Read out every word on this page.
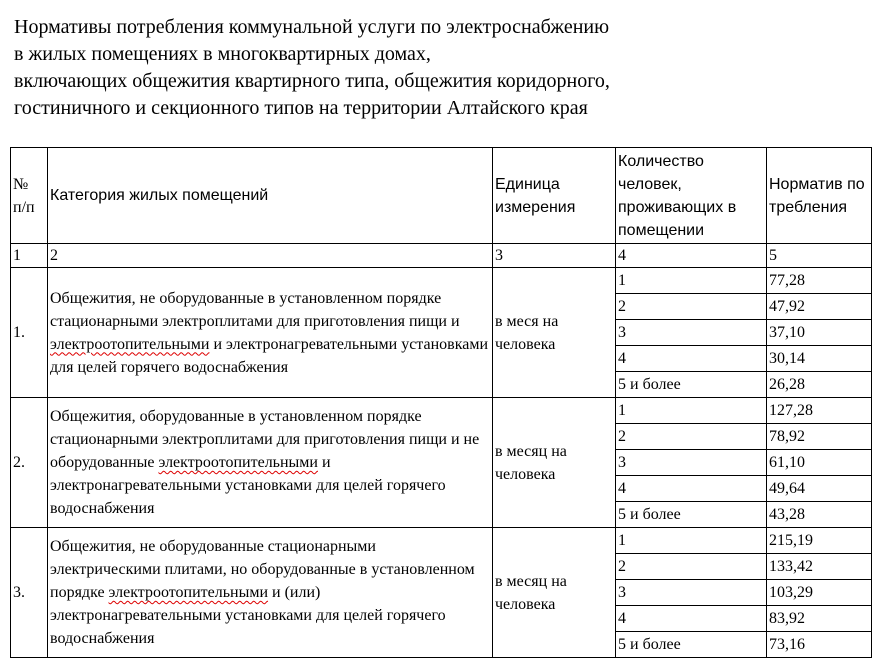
Нормативы потребления коммунальной услуги по электроснабжению
в жилых помещениях в многоквартирных домах,
включающих общежития квартирного типа, общежития коридорного,
гостиничного и секционного типов на территории Алтайского края
№ п/п	Категория жилых помещений	Единица измерения	Количество человек, проживающих в помещении	Норматив потребления
1	2	3	4	5
1.	Общежития, не оборудованные в установленном порядке стационарными электроплитами для приготовления пищи и электроотопительными и электронагревательными установками для целей горячего водоснабжения	в меся на человека	1	77,28
			2	47,92
			3	37,10
			4	30,14
			5 и более	26,28
2.	Общежития, оборудованные в установленном порядке стационарными электроплитами для приготовления пищи и не оборудованные электроотопительными и электронагревательными установками для целей горячего водоснабжения	в месяц на человека	1	127,28
			2	78,92
			3	61,10
			4	49,64
			5 и более	43,28
3.	Общежития, не оборудованные стационарными электрическими плитами, но оборудованные в установленном порядке электроотопительными и (или) электронагревательными установками для целей горячего водоснабжения	в месяц на человека	1	215,19
			2	133,42
			3	103,29
			4	83,92
			5 и более	73,16
